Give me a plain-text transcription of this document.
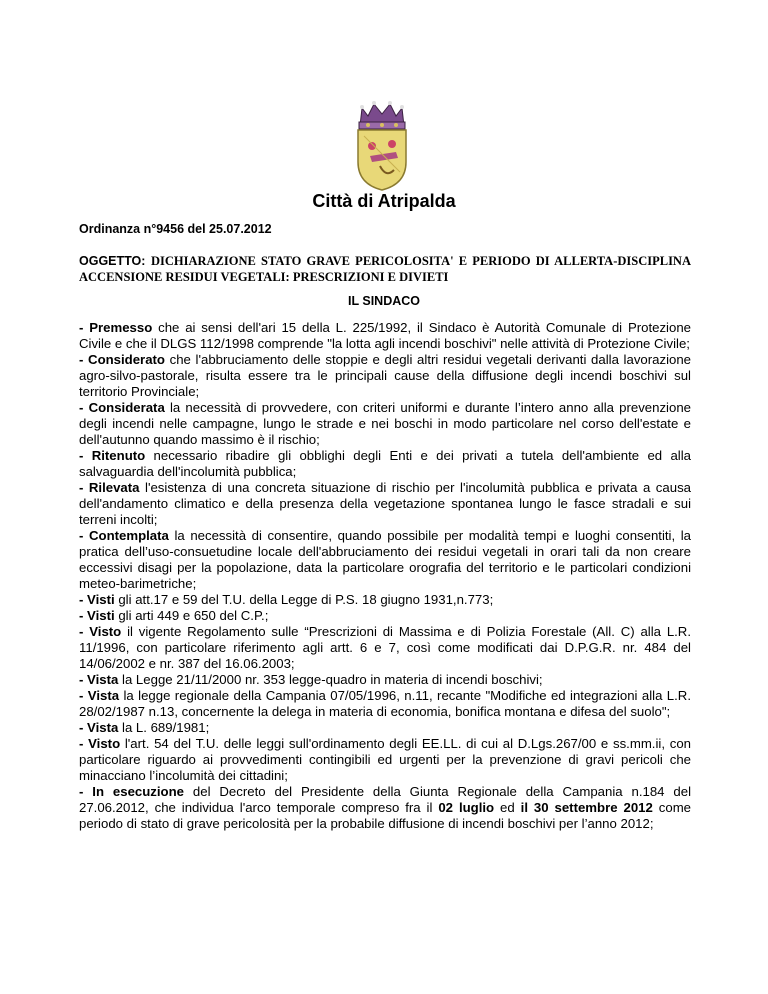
Città di Atripalda
Ordinanza n°9456 del 25.07.2012
OGGETTO: DICHIARAZIONE STATO GRAVE PERICOLOSITA' E PERIODO DI ALLERTA-DISCIPLINA ACCENSIONE RESIDUI VEGETALI: PRESCRIZIONI E DIVIETI
IL SINDACO

- Premesso che ai sensi dell'ari 15 della L. 225/1992, il Sindaco è Autorità Comunale di Protezione Civile e che il DLGS 112/1998 comprende "la lotta agli incendi boschivi" nelle attività di Protezione Civile;

- Considerato che l'abbruciamento delle stoppie e degli altri residui vegetali derivanti dalla lavorazione agro-silvo-pastorale, risulta essere tra le principali cause della diffusione degli incendi boschivi sul territorio Provinciale;

- Considerata la necessità di provvedere, con criteri uniformi e durante l’intero anno alla prevenzione degli incendi nelle campagne, lungo le strade e nei boschi in modo particolare nel corso dell'estate e dell'autunno quando massimo è il rischio;

- Ritenuto necessario ribadire gli obblighi degli Enti e dei privati a tutela dell'ambiente ed alla salvaguardia dell'incolumità pubblica;

- Rilevata l'esistenza di una concreta situazione di rischio per l'incolumità pubblica e privata a causa dell'andamento climatico e della presenza della vegetazione spontanea lungo le fasce stradali e sui terreni incolti;

- Contemplata la necessità di consentire, quando possibile per modalità tempi e luoghi consentiti, la pratica dell’uso-consuetudine locale dell'abbruciamento dei residui vegetali in orari tali da non creare eccessivi disagi per la popolazione, data la particolare orografia del territorio e le particolari condizioni meteo-barimetriche;

- Visti gli att.17 e 59 del T.U. della Legge di P.S. 18 giugno 1931,n.773;

- Visti gli arti 449 e 650 del C.P.;

- Visto il vigente Regolamento sulle “Prescrizioni di Massima e di Polizia Forestale (All. C) alla L.R. 11/1996, con particolare riferimento agli artt. 6 e 7, così come modificati dai D.P.G.R. nr. 484 del 14/06/2002 e nr. 387 del 16.06.2003;

- Vista la Legge 21/11/2000 nr. 353 legge-quadro in materia di incendi boschivi;

- Vista la legge regionale della Campania 07/05/1996, n.11, recante "Modifiche ed integrazioni alla L.R. 28/02/1987 n.13, concernente la delega in materia di economia, bonifica montana e difesa del suolo";

- Vista la L. 689/1981;

- Visto l'art. 54 del T.U. delle leggi sull'ordinamento degli EE.LL. di cui al D.Lgs.267/00 e ss.mm.ii, con particolare riguardo ai provvedimenti contingibili ed urgenti per la prevenzione di gravi pericoli che minacciano l’incolumità dei cittadini;

- In esecuzione del Decreto del Presidente della Giunta Regionale della Campania n.184 del 27.06.2012, che individua l'arco temporale compreso fra il 02 luglio ed il 30 settembre 2012 come periodo di stato di grave pericolosità per la probabile diffusione di incendi boschivi per l’anno 2012;
